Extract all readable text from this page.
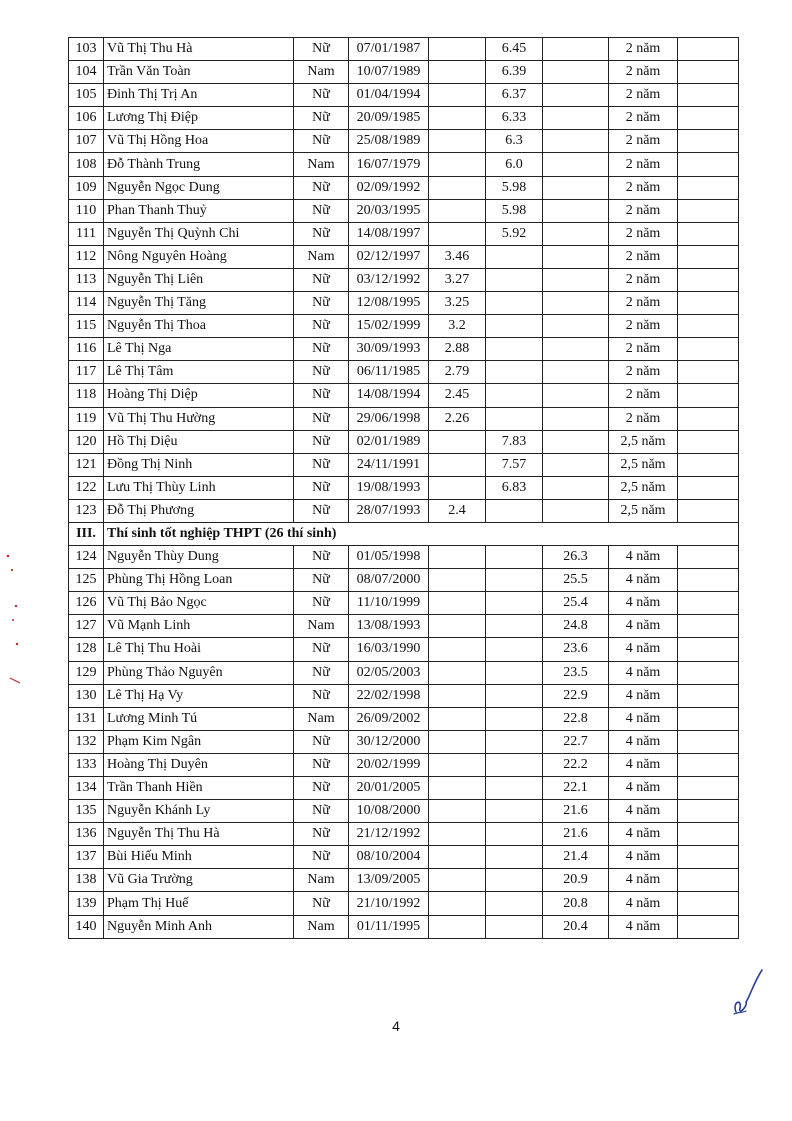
103	Vũ Thị Thu Hà	Nữ	07/01/1987		6.45		2 năm	
104	Trần Văn Toàn	Nam	10/07/1989		6.39		2 năm	
105	Đinh Thị Trị An	Nữ	01/04/1994		6.37		2 năm	
106	Lương Thị Điệp	Nữ	20/09/1985		6.33		2 năm	
107	Vũ Thị Hồng Hoa	Nữ	25/08/1989		6.3		2 năm	
108	Đỗ Thành Trung	Nam	16/07/1979		6.0		2 năm	
109	Nguyễn Ngọc Dung	Nữ	02/09/1992		5.98		2 năm	
110	Phan Thanh Thuỷ	Nữ	20/03/1995		5.98		2 năm	
111	Nguyễn Thị Quỳnh Chi	Nữ	14/08/1997		5.92		2 năm	
112	Nông Nguyên Hoàng	Nam	02/12/1997	3.46			2 năm	
113	Nguyễn Thị Liên	Nữ	03/12/1992	3.27			2 năm	
114	Nguyễn Thị Tăng	Nữ	12/08/1995	3.25			2 năm	
115	Nguyễn Thị Thoa	Nữ	15/02/1999	3.2			2 năm	
116	Lê Thị Nga	Nữ	30/09/1993	2.88			2 năm	
117	Lê Thị Tâm	Nữ	06/11/1985	2.79			2 năm	
118	Hoàng Thị Diệp	Nữ	14/08/1994	2.45			2 năm	
119	Vũ Thị Thu Hường	Nữ	29/06/1998	2.26			2 năm	
120	Hồ Thị Diệu	Nữ	02/01/1989		7.83		2,5 năm	
121	Đồng Thị Ninh	Nữ	24/11/1991		7.57		2,5 năm	
122	Lưu Thị Thùy Linh	Nữ	19/08/1993		6.83		2,5 năm	
123	Đỗ Thị Phương	Nữ	28/07/1993	2.4			2,5 năm	
III.	Thí sinh tốt nghiệp THPT (26 thí sinh)							
124	Nguyễn Thùy Dung	Nữ	01/05/1998			26.3	4 năm	
125	Phùng Thị Hồng Loan	Nữ	08/07/2000			25.5	4 năm	
126	Vũ Thị Bảo Ngọc	Nữ	11/10/1999			25.4	4 năm	
127	Vũ Mạnh Linh	Nam	13/08/1993			24.8	4 năm	
128	Lê Thị Thu Hoài	Nữ	16/03/1990			23.6	4 năm	
129	Phùng Thảo Nguyên	Nữ	02/05/2003			23.5	4 năm	
130	Lê Thị Hạ Vy	Nữ	22/02/1998			22.9	4 năm	
131	Lương Minh Tú	Nam	26/09/2002			22.8	4 năm	
132	Phạm Kim Ngân	Nữ	30/12/2000			22.7	4 năm	
133	Hoàng Thị Duyên	Nữ	20/02/1999			22.2	4 năm	
134	Trần Thanh Hiền	Nữ	20/01/2005			22.1	4 năm	
135	Nguyễn Khánh Ly	Nữ	10/08/2000			21.6	4 năm	
136	Nguyễn Thị Thu Hà	Nữ	21/12/1992			21.6	4 năm	
137	Bùi Hiếu Minh	Nữ	08/10/2004			21.4	4 năm	
138	Vũ Gia Trường	Nam	13/09/2005			20.9	4 năm	
139	Phạm Thị Huế	Nữ	21/10/1992			20.8	4 năm	
140	Nguyễn Minh Anh	Nam	01/11/1995			20.4	4 năm	
4
